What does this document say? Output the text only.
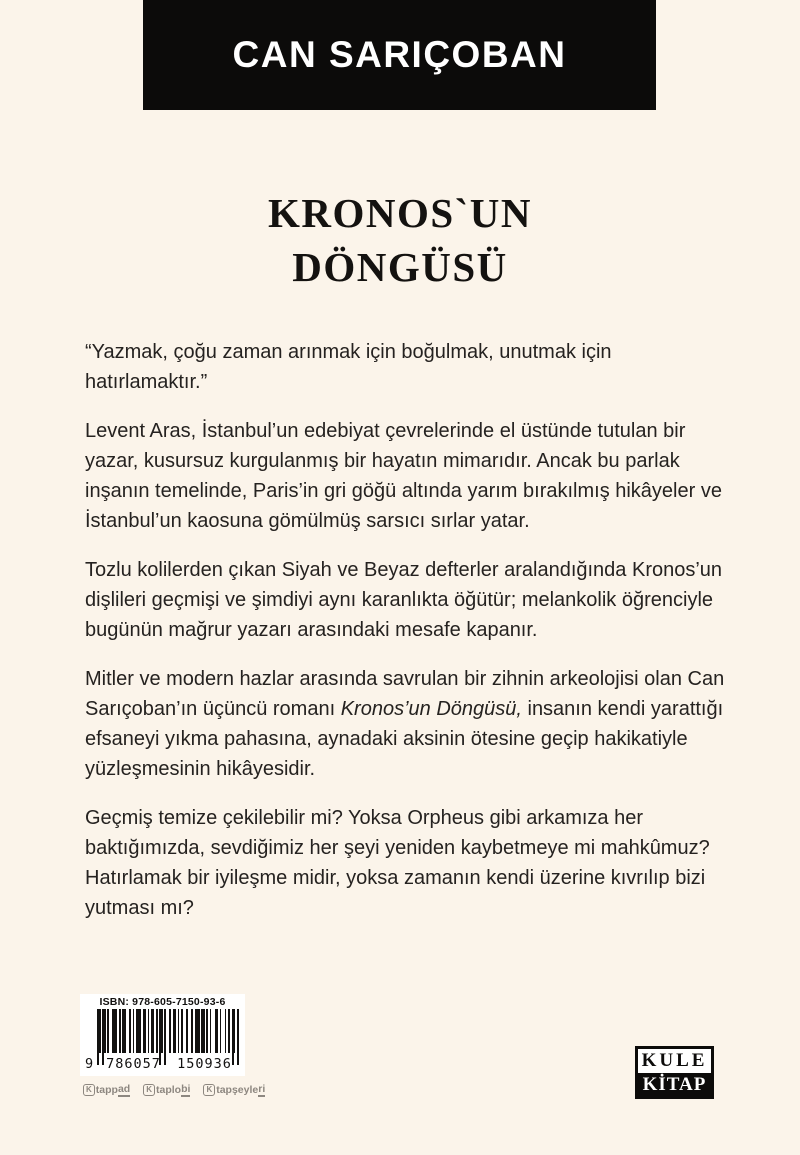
CAN SARIÇOBAN
KRONOS`UN
DÖNGÜSÜ

“Yazmak, çoğu zaman arınmak için boğulmak, unutmak için hatırlamaktır.”

Levent Aras, İstanbul’un edebiyat çevrelerinde el üstünde tutulan bir yazar, kusursuz kurgulanmış bir hayatın mimarıdır. Ancak bu parlak inşanın temelinde, Paris’in gri göğü altında yarım bırakılmış hikâyeler ve İstanbul’un kaosuna gömülmüş sarsıcı sırlar yatar.

Tozlu kolilerden çıkan Siyah ve Beyaz defterler aralandığında Kronos’un dişlileri geçmişi ve şimdiyi aynı karanlıkta öğütür; melankolik öğrenciyle bugünün mağrur yazarı arasındaki mesafe kapanır.

Mitler ve modern hazlar arasında savrulan bir zihnin arkeolojisi olan Can Sarıçoban’ın üçüncü romanı Kronos’un Döngüsü, insanın kendi yarattığı efsaneyi yıkma pahasına, aynadaki aksinin ötesine geçip hakikatiyle yüzleşmesinin hikâyesidir.

Geçmiş temize çekilebilir mi? Yoksa Orpheus gibi arkamıza her baktığımızda, sevdiğimiz her şeyi yeniden kaybetmeye mi mahkûmuz? Hatırlamak bir iyileşme midir, yoksa zamanın kendi üzerine kıvrılıp bizi yutması mı?

ISBN: 978-605-7150-93-6
9 786057	150936
K tapp ad	K taplo bi	K tapşeyle ri
KULE
KİTAP
